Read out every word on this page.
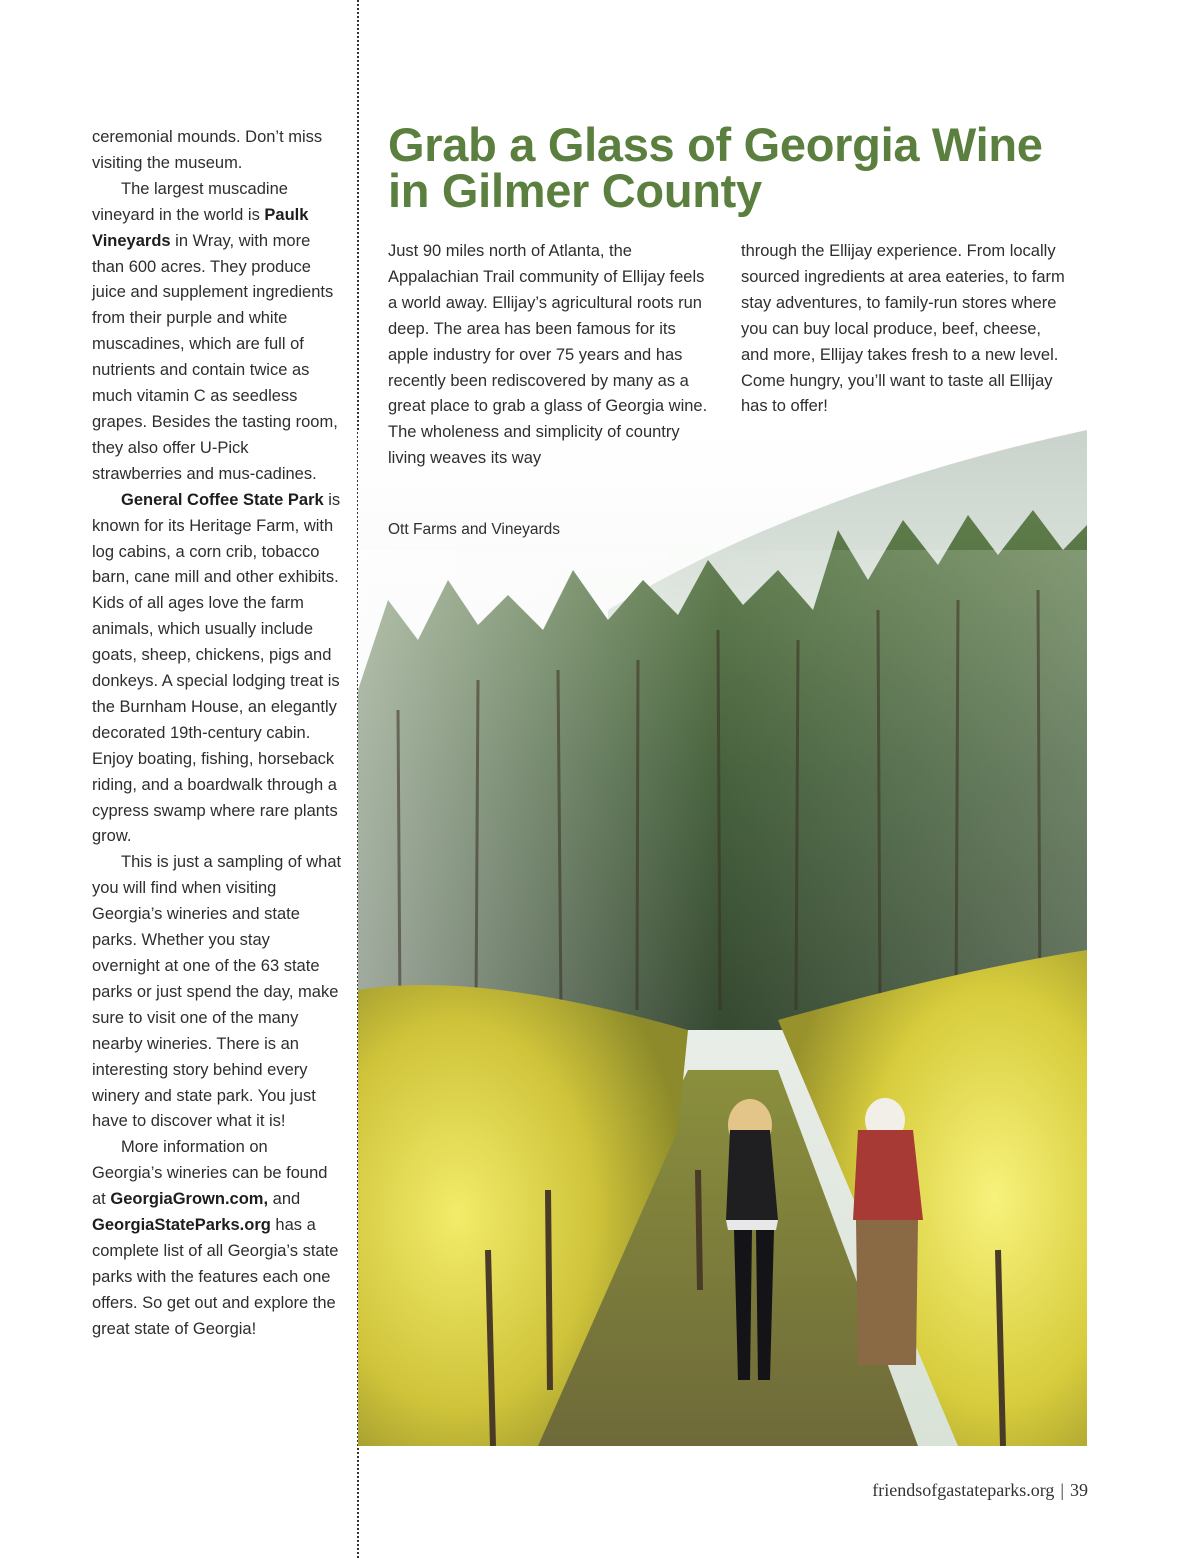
ceremonial mounds. Don’t miss visiting the museum.

The largest muscadine vineyard in the world is Paulk Vineyards in Wray, with more than 600 acres. They produce juice and supplement ingredients from their purple and white muscadines, which are full of nutrients and contain twice as much vitamin C as seedless grapes. Besides the tasting room, they also offer U-Pick strawberries and mus-cadines.

General Coffee State Park is known for its Heritage Farm, with log cabins, a corn crib, tobacco barn, cane mill and other exhibits. Kids of all ages love the farm animals, which usually include goats, sheep, chickens, pigs and donkeys. A special lodging treat is the Burnham House, an elegantly decorated 19th-century cabin. Enjoy boating, fishing, horseback riding, and a boardwalk through a cypress swamp where rare plants grow.

This is just a sampling of what you will find when visiting Georgia’s wineries and state parks. Whether you stay overnight at one of the 63 state parks or just spend the day, make sure to visit one of the many nearby wineries. There is an interesting story behind every winery and state park. You just have to discover what it is!

More information on Georgia’s wineries can be found at GeorgiaGrown.com, and GeorgiaStateParks.org has a complete list of all Georgia’s state parks with the features each one offers. So get out and explore the great state of Georgia!

Grab a Glass of Georgia Wine
in Gilmer County
Just 90 miles north of Atlanta, the Appalachian Trail community of Ellijay feels a world away. Ellijay’s agricultural roots run deep. The area has been famous for its apple industry for over 75 years and has recently been rediscovered by many as a great place to grab a glass of Georgia wine. The wholeness and simplicity of country living weaves its way
through the Ellijay experience. From locally sourced ingredients at area eateries, to farm stay adventures, to family-run stores where you can buy local produce, beef, cheese, and more, Ellijay takes fresh to a new level. Come hungry, you’ll want to taste all Ellijay has to offer!
Ott Farms and Vineyards
friendsofgastateparks.org | 39
